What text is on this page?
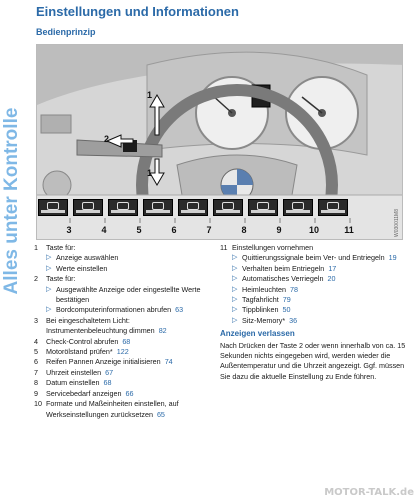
Alles unter Kontrolle
Einstellungen und Informationen
Bedienprinzip
W030011M8
1
2
1
3	4	5	6	7	8	9	10	11
1	Taste für:
▷ Anzeige auswählen
▷ Werte einstellen
2	Taste für:
▷ Ausgewählte Anzeige oder eingestellte Werte bestätigen
▷ Bordcomputerinformationen abrufen 63
3	Bei eingeschaltetem Licht: Instrumentenbeleuchtung dimmen 82
4	Check-Control abrufen 68
5	Motorölstand prüfen* 122
6	Reifen Pannen Anzeige initialisieren 74
7	Uhrzeit einstellen 67
8	Datum einstellen 68
9	Servicebedarf anzeigen 66
10 Formate und Maßeinheiten einstellen, auf Werkseinstellungen zurücksetzen 65
11 Einstellungen vornehmen
▷ Quittierungssignale beim Ver- und Entriegeln 19
▷ Verhalten beim Entriegeln 17
▷ Automatisches Verriegeln 20
▷ Heimleuchten 78
▷ Tagfahrlicht 79
▷ Tippblinken 50
▷ Sitz-Memory* 36
Anzeigen verlassen
Nach Drücken der Taste 2 oder wenn innerhalb von ca. 15 Sekunden nichts eingegeben wird, werden wieder die Außentemperatur und die Uhrzeit angezeigt. Ggf. müssen Sie dazu die aktuelle Einstellung zu Ende führen.
MOTOR-TALK.de
